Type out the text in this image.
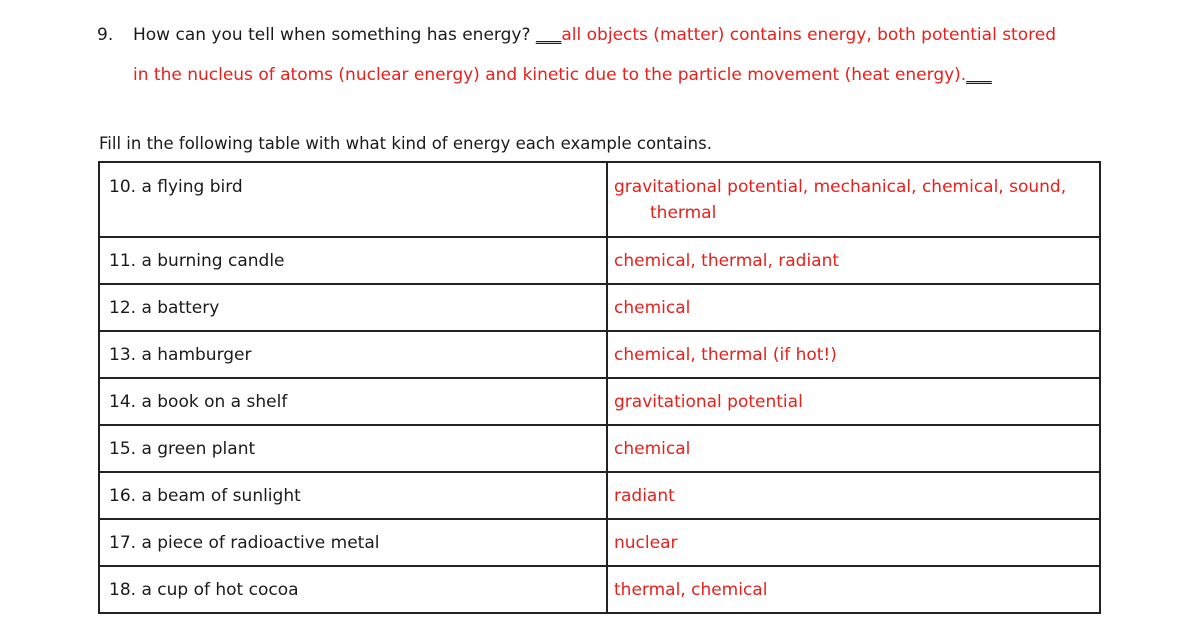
9. How can you tell when something has energy? ___all objects (matter) contains energy, both potential stored
in the nucleus of atoms (nuclear energy) and kinetic due to the particle movement (heat energy).___
Fill in the following table with what kind of energy each example contains.
10. a flying bird	gravitational potential, mechanical, chemical, sound,
thermal

11. a burning candle	chemical, thermal, radiant
12. a battery	chemical
13. a hamburger	chemical, thermal (if hot!)
14. a book on a shelf	gravitational potential
15. a green plant	chemical
16. a beam of sunlight	radiant
17. a piece of radioactive metal	nuclear
18. a cup of hot cocoa	thermal, chemical
